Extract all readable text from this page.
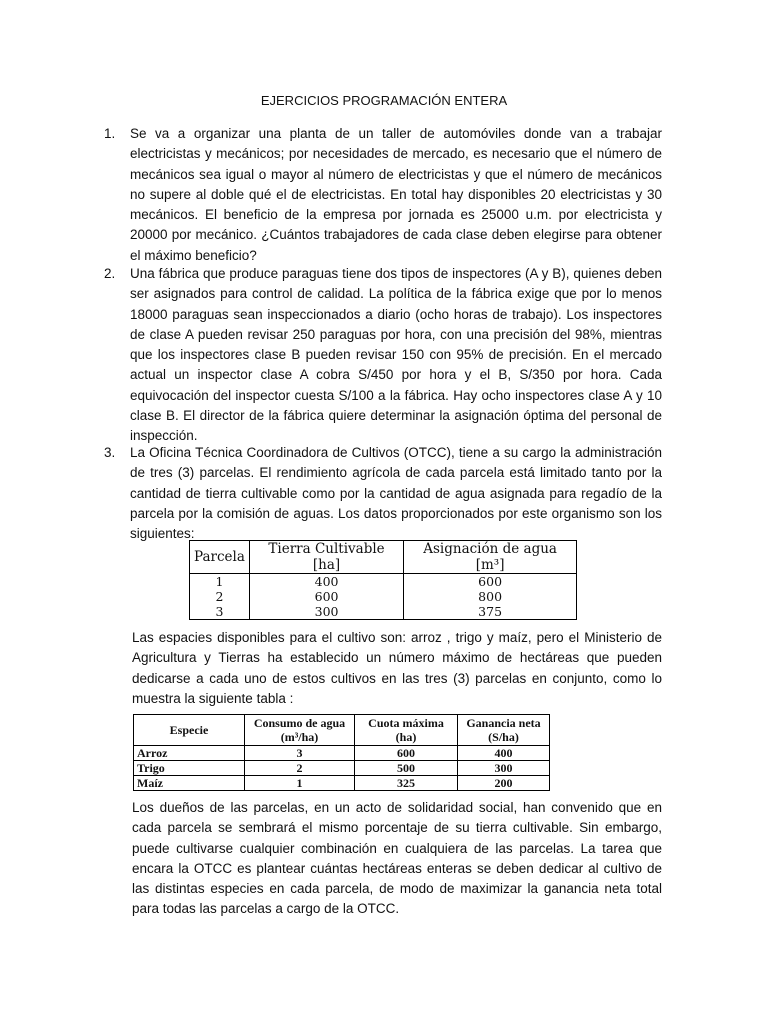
EJERCICIOS PROGRAMACIÓN ENTERA
1. Se va a organizar una planta de un taller de automóviles donde van a trabajar electricistas y mecánicos; por necesidades de mercado, es necesario que el número de mecánicos sea igual o mayor al número de electricistas y que el número de mecánicos no supere al doble qué el de electricistas. En total hay disponibles 20 electricistas y 30 mecánicos. El beneficio de la empresa por jornada es 25000 u.m. por electricista y 20000 por mecánico. ¿Cuántos trabajadores de cada clase deben elegirse para obtener el máximo beneficio?
2. Una fábrica que produce paraguas tiene dos tipos de inspectores (A y B), quienes deben ser asignados para control de calidad. La política de la fábrica exige que por lo menos 18000 paraguas sean inspeccionados a diario (ocho horas de trabajo). Los inspectores de clase A pueden revisar 250 paraguas por hora, con una precisión del 98%, mientras que los inspectores clase B pueden revisar 150 con 95% de precisión. En el mercado actual un inspector clase A cobra S/450 por hora y el B, S/350 por hora. Cada equivocación del inspector cuesta S/100 a la fábrica. Hay ocho inspectores clase A y 10 clase B. El director de la fábrica quiere determinar la asignación óptima del personal de inspección.
3. La Oficina Técnica Coordinadora de Cultivos (OTCC), tiene a su cargo la administración de tres (3) parcelas. El rendimiento agrícola de cada parcela está limitado tanto por la cantidad de tierra cultivable como por la cantidad de agua asignada para regadío de la parcela por la comisión de aguas. Los datos proporcionados por este organismo son los siguientes:
Parcela	Tierra Cultivable [ha]	Asignación de agua [m³]
1	400	600
2	600	800
3	300	375
Las espacies disponibles para el cultivo son: arroz , trigo y maíz, pero el Ministerio de Agricultura y Tierras ha establecido un número máximo de hectáreas que pueden dedicarse a cada uno de estos cultivos en las tres (3) parcelas en conjunto, como lo muestra la siguiente tabla :
Especie	Consumo de agua (m³/ha)	Cuota máxima (ha)	Ganancia neta (S/ha)
Arroz	3	600	400
Trigo	2	500	300
Maíz	1	325	200
Los dueños de las parcelas, en un acto de solidaridad social, han convenido que en cada parcela se sembrará el mismo porcentaje de su tierra cultivable. Sin embargo, puede cultivarse cualquier combinación en cualquiera de las parcelas. La tarea que encara la OTCC es plantear cuántas hectáreas enteras se deben dedicar al cultivo de las distintas especies en cada parcela, de modo de maximizar la ganancia neta total para todas las parcelas a cargo de la OTCC.
